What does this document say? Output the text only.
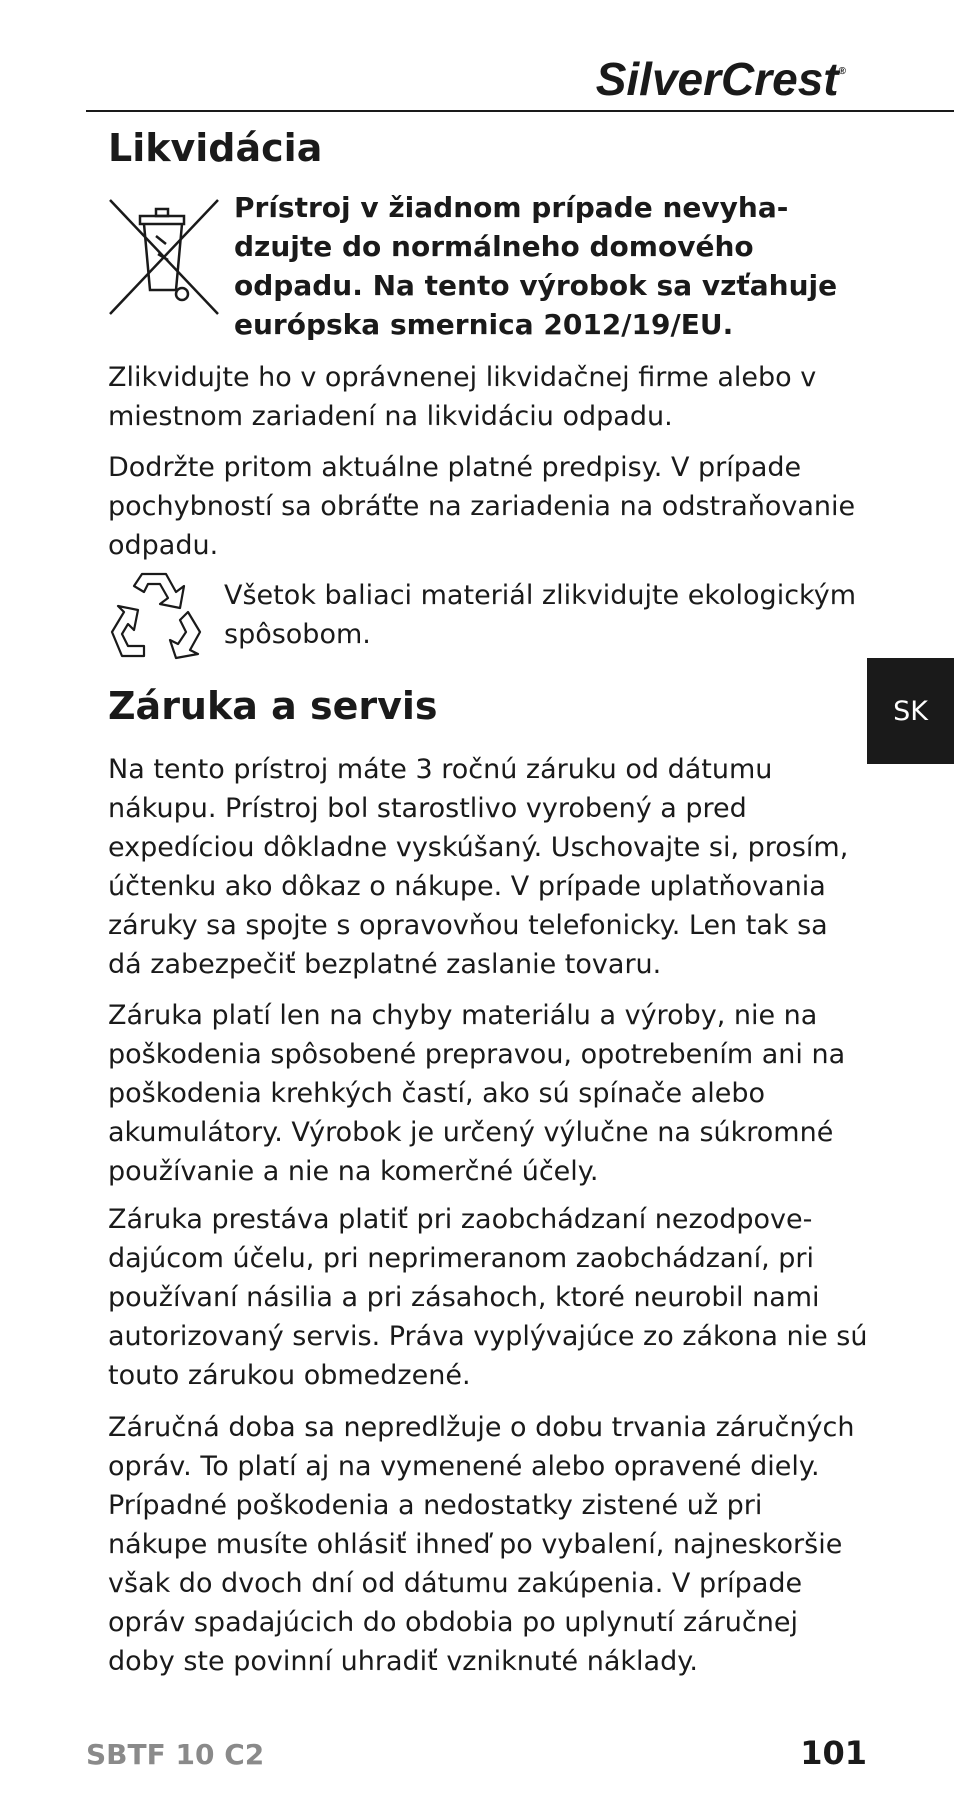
SilverCrest®
Likvidácia

Prístroj v žiadnom prípade nevyhadzujte do normálneho domového odpadu. Na tento výrobok sa vzťahuje európska smernica 2012/19/EU.

Zlikvidujte ho v oprávnenej likvidačnej firme alebo v miestnom zariadení na likvidáciu odpadu.

Dodržte pritom aktuálne platné predpisy. V prípade pochybností sa obráťte na zariadenia na odstraňovanie odpadu.

Všetok baliaci materiál zlikvidujte ekologickým spôsobom.

Záruka a servis	SK

Na tento prístroj máte 3 ročnú záruku od dátumu nákupu. Prístroj bol starostlivo vyrobený a pred expedíciou dôkladne vyskúšaný. Uschovajte si, prosím, účtenku ako dôkaz o nákupe. V prípade uplatňovania záruky sa spojte s opravovňou telefonicky. Len tak sa dá zabezpečiť bezplatné zaslanie tovaru.

Záruka platí len na chyby materiálu a výroby, nie na poškodenia spôsobené prepravou, opotrebením ani na poškodenia krehkých častí, ako sú spínače alebo akumulátory. Výrobok je určený výlučne na súkromné používanie a nie na komerčné účely.

Záruka prestáva platiť pri zaobchádzaní nezodpovedajúcom účelu, pri neprimeranom zaobchádzaní, pri používaní násilia a pri zásahoch, ktoré neurobil nami autorizovaný servis. Práva vyplývajúce zo zákona nie sú touto zárukou obmedzené.

Záručná doba sa nepredlžuje o dobu trvania záručných opráv. To platí aj na vymenené alebo opravené diely. Prípadné poškodenia a nedostatky zistené už pri nákupe musíte ohlásiť ihneď po vybalení, najneskoršie však do dvoch dní od dátumu zakúpenia. V prípade opráv spadajúcich do obdobia po uplynutí záručnej doby ste povinní uhradiť vzniknuté náklady.

SBTF 10 C2	101
